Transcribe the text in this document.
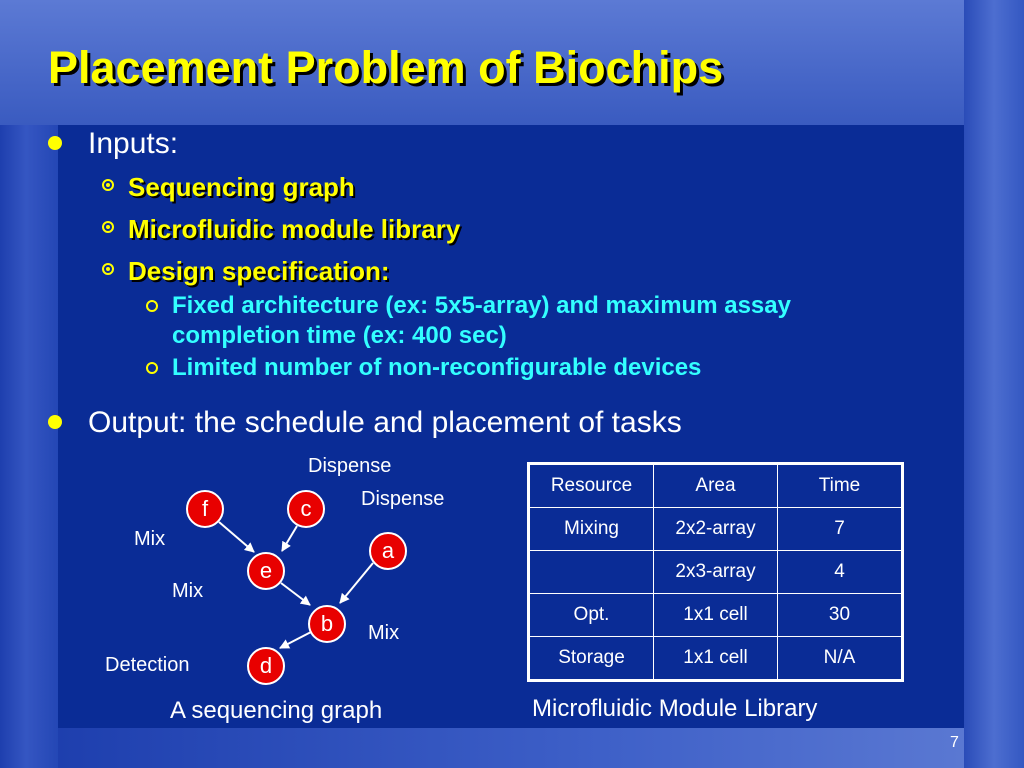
Placement Problem of Biochips
Inputs:
Sequencing graph
Microfluidic module library
Design specification:
Fixed architecture (ex: 5x5-array) and maximum assay completion time (ex: 400 sec)
Limited number of non-reconfigurable devices
Output: the schedule and placement of tasks
Dispense
Dispense
Mix
Mix
Mix
Detection
f	c
a
e
b
d
A sequencing graph
Resource	Area	Time
Mixing	2x2-array	7
	2x3-array	4
Opt.	1x1 cell	30
Storage	1x1 cell	N/A
Microfluidic Module Library
7
